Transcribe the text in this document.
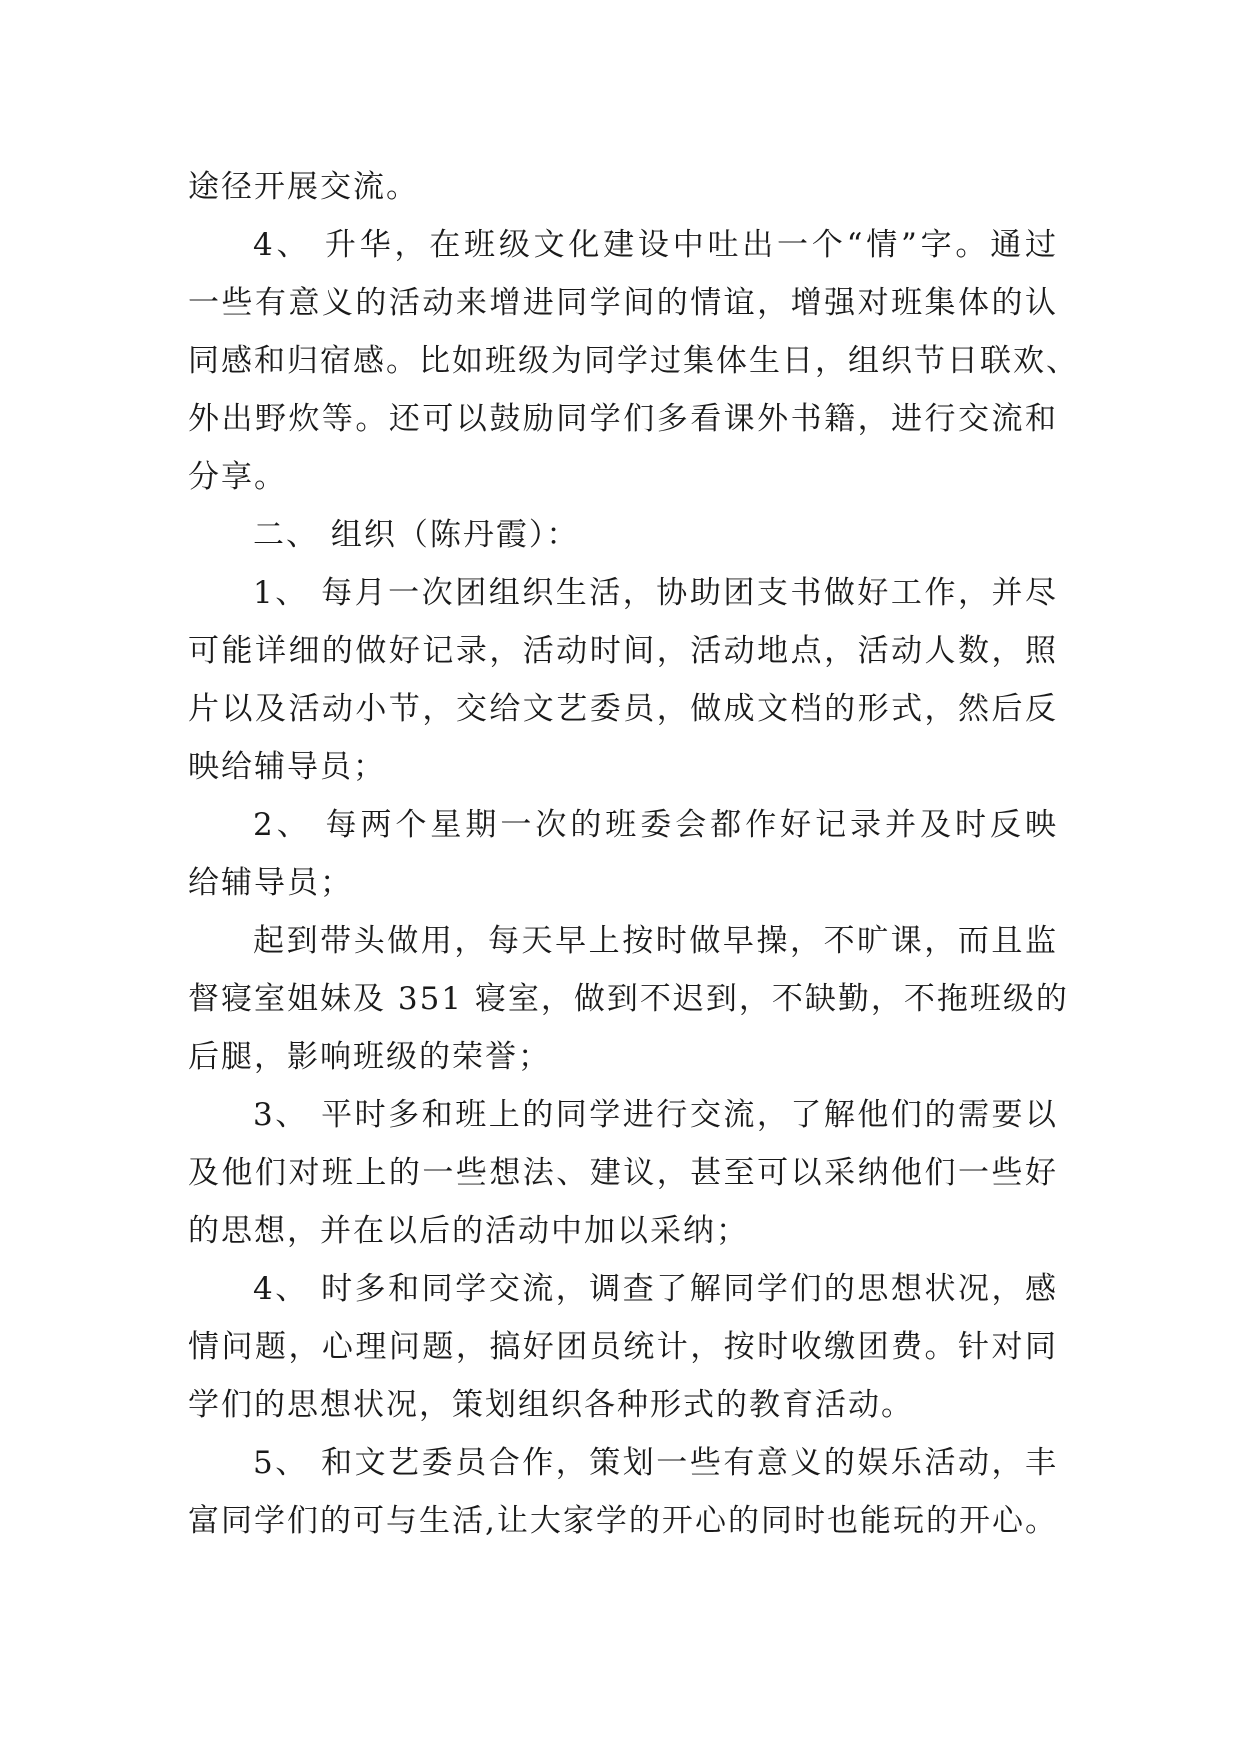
途径开展交流。
4、 升华，在班级文化建设中吐出一个“情”字。通过
一些有意义的活动来增进同学间的情谊，增强对班集体的认
同感和归宿感。比如班级为同学过集体生日，组织节日联欢、
外出野炊等。还可以鼓励同学们多看课外书籍，进行交流和
分享。
二、 组织（陈丹霞）：
1、 每月一次团组织生活，协助团支书做好工作，并尽
可能详细的做好记录，活动时间，活动地点，活动人数，照
片以及活动小节，交给文艺委员，做成文档的形式，然后反
映给辅导员；
2、 每两个星期一次的班委会都作好记录并及时反映
给辅导员；
起到带头做用，每天早上按时做早操，不旷课，而且监
督寝室姐妹及 351 寝室，做到不迟到，不缺勤，不拖班级的
后腿，影响班级的荣誉；
3、 平时多和班上的同学进行交流，了解他们的需要以
及他们对班上的一些想法、建议，甚至可以采纳他们一些好
的思想，并在以后的活动中加以采纳；
4、 时多和同学交流，调查了解同学们的思想状况，感
情问题，心理问题，搞好团员统计，按时收缴团费。针对同
学们的思想状况，策划组织各种形式的教育活动。
5、 和文艺委员合作，策划一些有意义的娱乐活动，丰
富同学们的可与生活,让大家学的开心的同时也能玩的开心。
